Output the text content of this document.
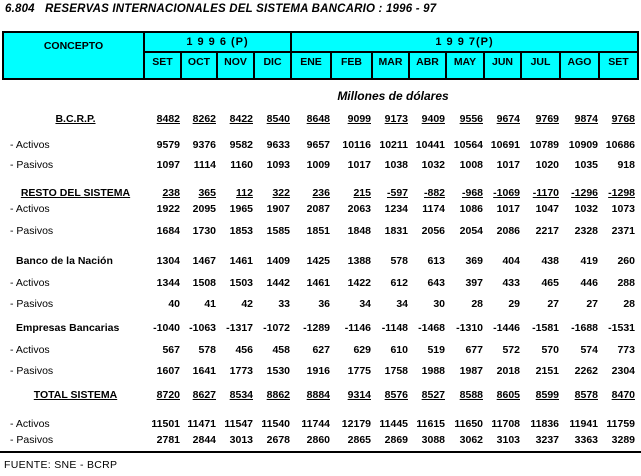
6.804   RESERVAS INTERNACIONALES DEL SISTEMA BANCARIO : 1996 - 97
CONCEPTO	1 9 9 6 (P)	1 9 9 7(P)
SET	OCT	NOV	DIC	ENE	FEB	MAR	ABR	MAY	JUN	JUL	AGO	SET
Millones de dólares
B.C.R.P.	8482	8262	8422	8540	8648	9099	9173	9409	9556	9674	9769	9874	9768
- Activos	9579	9376	9582	9633	9657	10116 10211 10441 10564 10691 10789 10909 10686
- Pasivos	1097	1114	1160	1093	1009	1017	1038	1032	1008	1017	1020	1035	918
RESTO DEL SISTEMA	238	365	112	322	236	215	-597	-882	-968 -1069	-1170	-1296 -1298
- Activos	1922	2095	1965	1907	2087	2063	1234	1174	1086	1017	1047	1032	1073
- Pasivos	1684	1730	1853	1585	1851	1848	1831	2056	2054	2086	2217	2328	2371
Banco de la Nación	1304	1467	1461	1409	1425	1388	578	613	369	404	438	419	260
- Activos	1344	1508	1503	1442	1461	1422	612	643	397	433	465	446	288
- Pasivos	40	41	42	33	36	34	34	30	28	29	27	27	28
Empresas Bancarias	-1040 -1063 -1317 -1072	-1289	-1146	-1148 -1468	-1310 -1446	-1581	-1688 -1531
- Activos	567	578	456	458	627	629	610	519	677	572	570	574	773
- Pasivos	1607	1641	1773	1530	1916	1775	1758	1988	1987	2018	2151	2262	2304
TOTAL SISTEMA	8720	8627	8534	8862	8884	9314	8576	8527	8588	8605	8599	8578	8470
- Activos	11501 11471 11547 11540	11744	12179 11445 11615 11650 11708 11836 11941 11759
- Pasivos	2781	2844	3013	2678	2860	2865	2869	3088	3062	3103	3237	3363	3289
FUENTE: SNE - BCRP
